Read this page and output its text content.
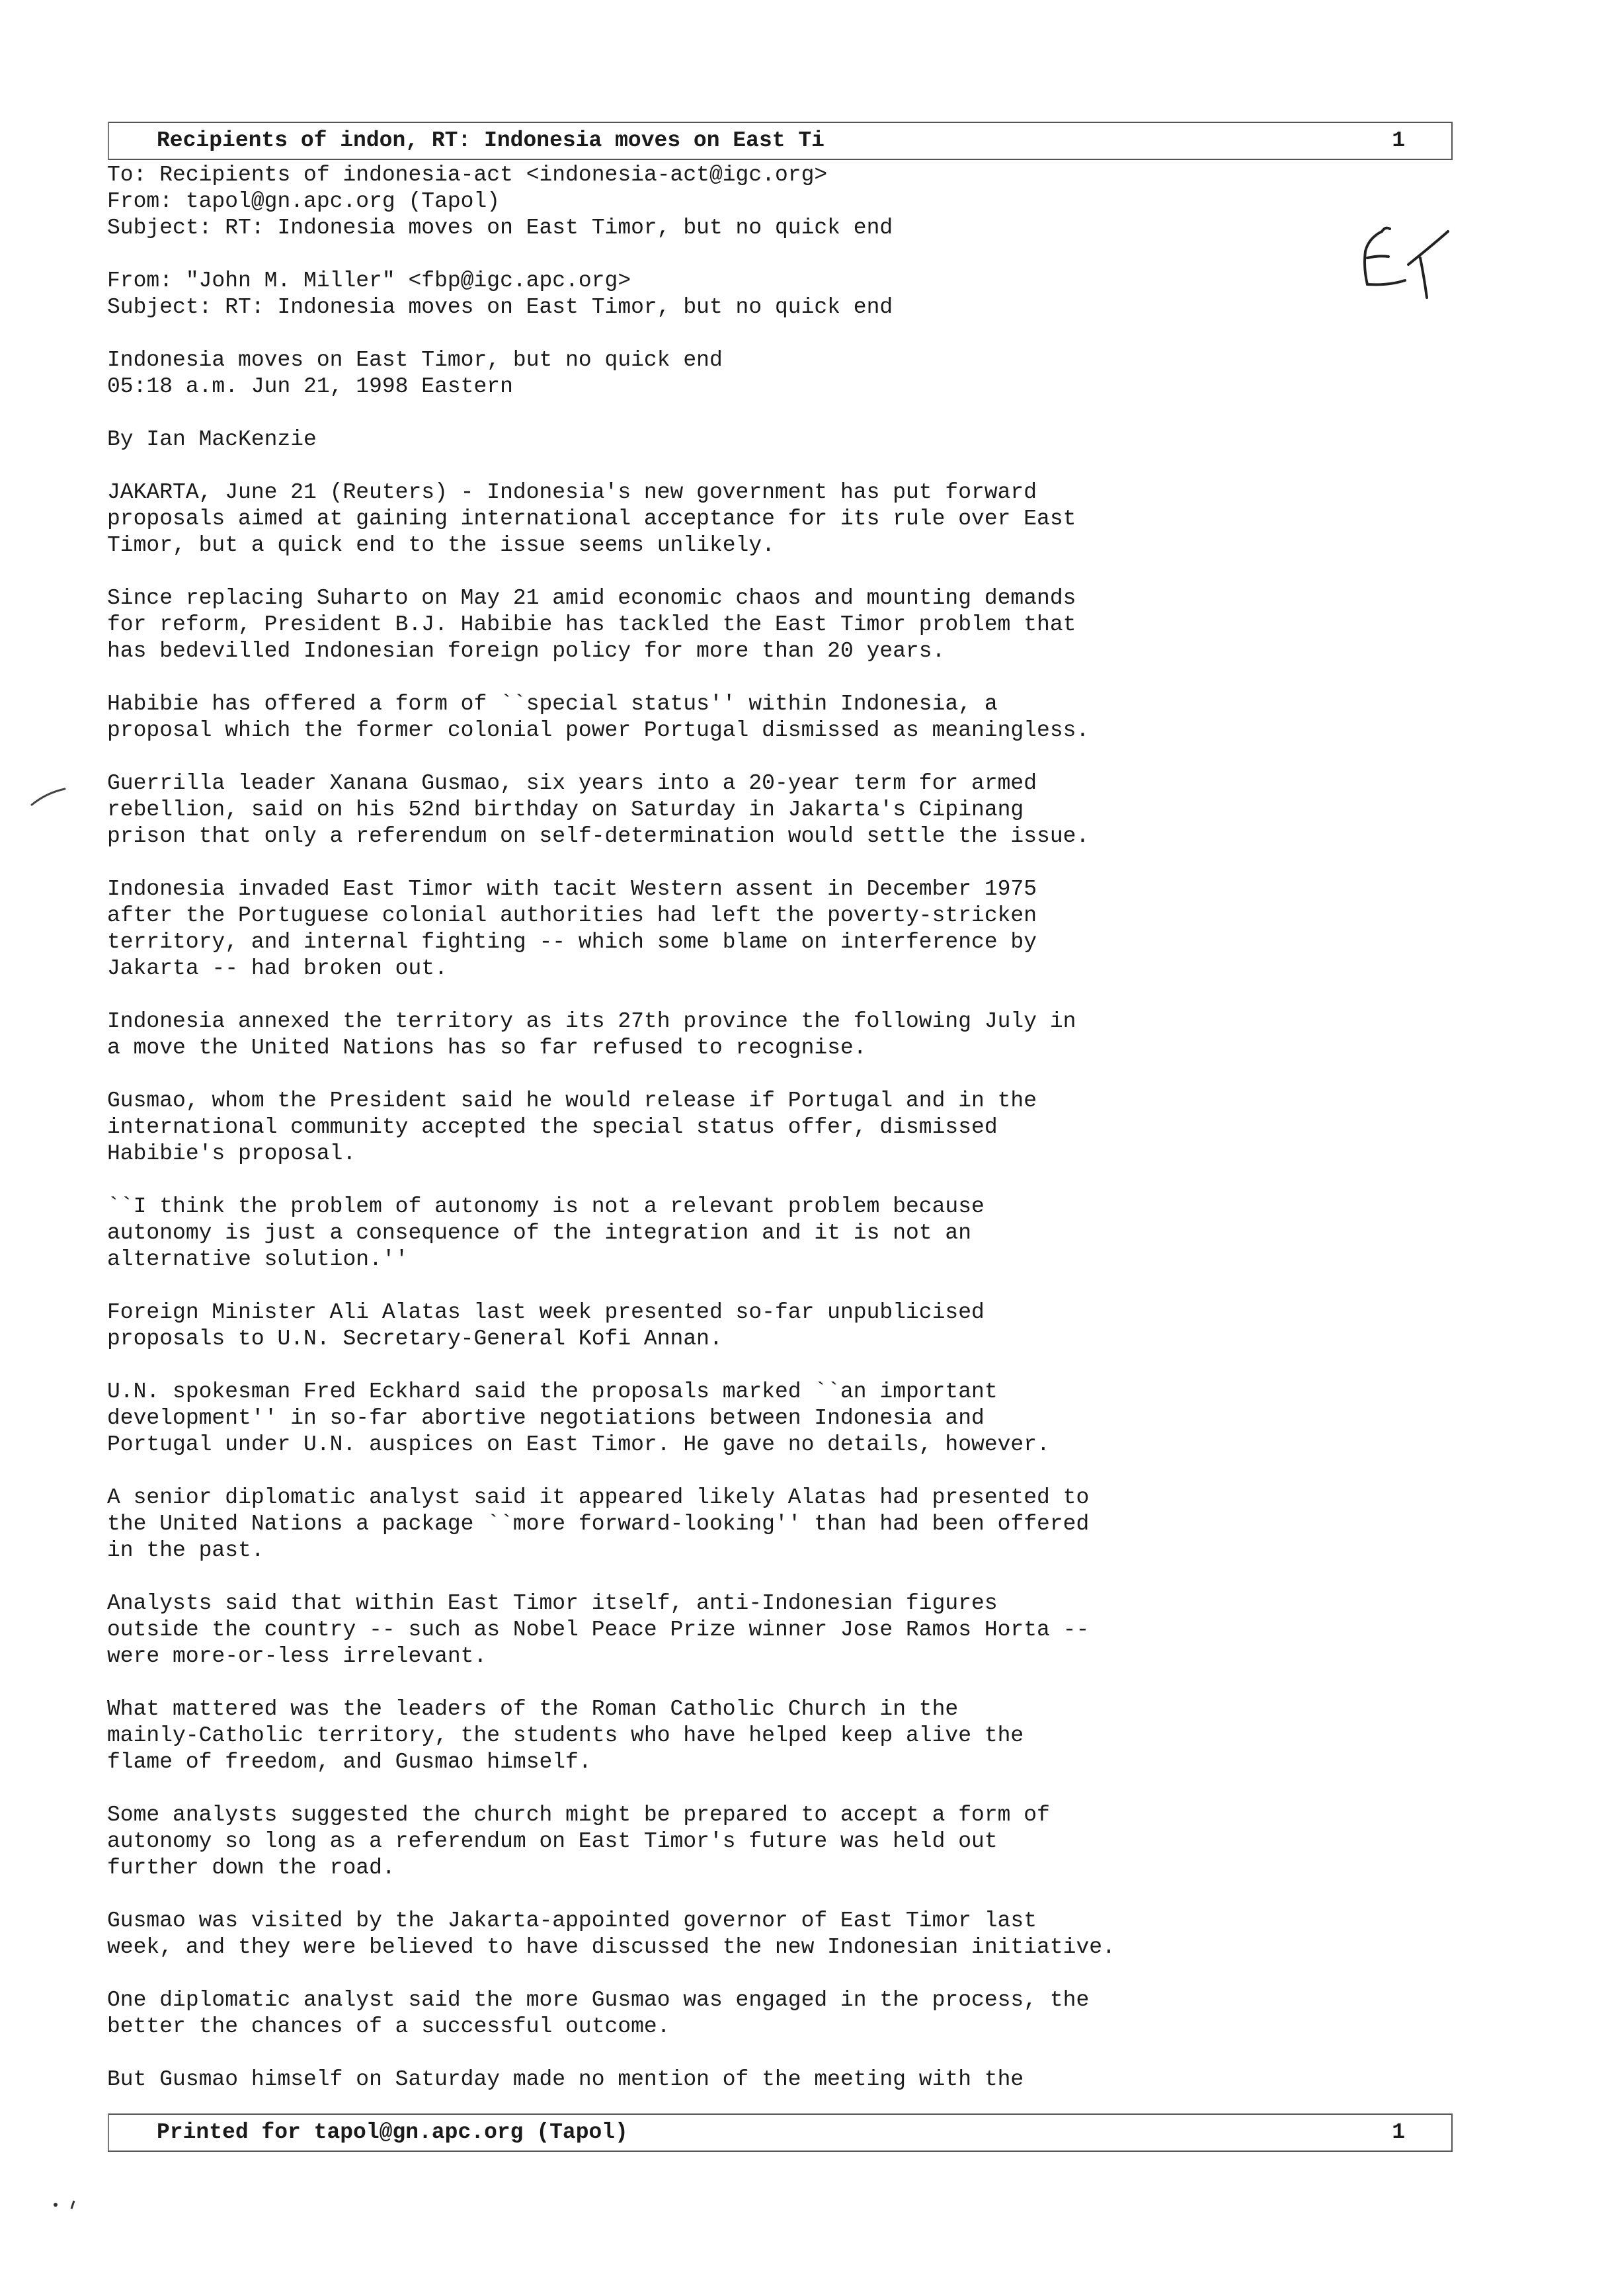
Recipients of indon, RT: Indonesia moves on East Ti	1
To: Recipients of indonesia-act <indonesia-act@igc.org>
From: tapol@gn.apc.org (Tapol)
Subject: RT: Indonesia moves on East Timor, but no quick end
From: "John M. Miller" <fbp@igc.apc.org>
Subject: RT: Indonesia moves on East Timor, but no quick end
Indonesia moves on East Timor, but no quick end
05:18 a.m. Jun 21, 1998 Eastern
By Ian MacKenzie
JAKARTA, June 21 (Reuters) - Indonesia's new government has put forward
proposals aimed at gaining international acceptance for its rule over East
Timor, but a quick end to the issue seems unlikely.
Since replacing Suharto on May 21 amid economic chaos and mounting demands
for reform, President B.J. Habibie has tackled the East Timor problem that
has bedevilled Indonesian foreign policy for more than 20 years.
Habibie has offered a form of ``special status'' within Indonesia, a
proposal which the former colonial power Portugal dismissed as meaningless.
Guerrilla leader Xanana Gusmao, six years into a 20-year term for armed
rebellion, said on his 52nd birthday on Saturday in Jakarta's Cipinang
prison that only a referendum on self-determination would settle the issue.
Indonesia invaded East Timor with tacit Western assent in December 1975
after the Portuguese colonial authorities had left the poverty-stricken
territory, and internal fighting -- which some blame on interference by
Jakarta -- had broken out.
Indonesia annexed the territory as its 27th province the following July in
a move the United Nations has so far refused to recognise.
Gusmao, whom the President said he would release if Portugal and in the
international community accepted the special status offer, dismissed
Habibie's proposal.
``I think the problem of autonomy is not a relevant problem because
autonomy is just a consequence of the integration and it is not an
alternative solution.''
Foreign Minister Ali Alatas last week presented so-far unpublicised
proposals to U.N. Secretary-General Kofi Annan.
U.N. spokesman Fred Eckhard said the proposals marked ``an important
development'' in so-far abortive negotiations between Indonesia and
Portugal under U.N. auspices on East Timor. He gave no details, however.
A senior diplomatic analyst said it appeared likely Alatas had presented to
the United Nations a package ``more forward-looking'' than had been offered
in the past.
Analysts said that within East Timor itself, anti-Indonesian figures
outside the country -- such as Nobel Peace Prize winner Jose Ramos Horta --
were more-or-less irrelevant.
What mattered was the leaders of the Roman Catholic Church in the
mainly-Catholic territory, the students who have helped keep alive the
flame of freedom, and Gusmao himself.
Some analysts suggested the church might be prepared to accept a form of
autonomy so long as a referendum on East Timor's future was held out
further down the road.
Gusmao was visited by the Jakarta-appointed governor of East Timor last
week, and they were believed to have discussed the new Indonesian initiative.
One diplomatic analyst said the more Gusmao was engaged in the process, the
better the chances of a successful outcome.
But Gusmao himself on Saturday made no mention of the meeting with the
Printed for tapol@gn.apc.org (Tapol)	1
